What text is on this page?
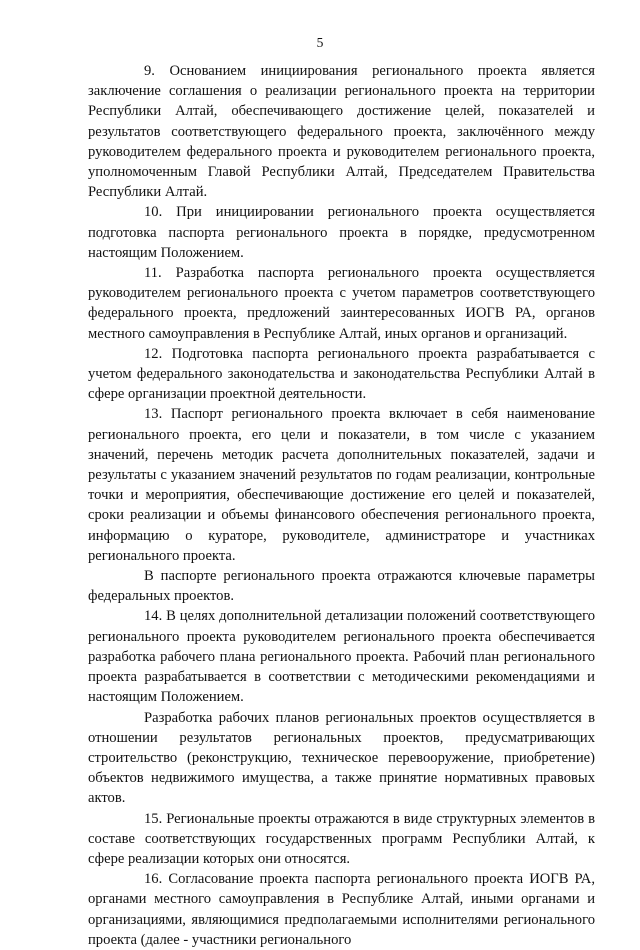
5

9. Основанием инициирования регионального проекта является заключение соглашения о реализации регионального проекта на территории Республики Алтай, обеспечивающего достижение целей, показателей и результатов соответствующего федерального проекта, заключённого между руководителем федерального проекта и руководителем регионального проекта, уполномоченным Главой Республики Алтай, Председателем Правительства Республики Алтай.

10. При инициировании регионального проекта осуществляется подготовка паспорта регионального проекта в порядке, предусмотренном настоящим Положением.

11. Разработка паспорта регионального проекта осуществляется руководителем регионального проекта с учетом параметров соответствующего федерального проекта, предложений заинтересованных ИОГВ РА, органов местного самоуправления в Республике Алтай, иных органов и организаций.

12. Подготовка паспорта регионального проекта разрабатывается с учетом федерального законодательства и законодательства Республики Алтай в сфере организации проектной деятельности.

13. Паспорт регионального проекта включает в себя наименование регионального проекта, его цели и показатели, в том числе с указанием значений, перечень методик расчета дополнительных показателей, задачи и результаты с указанием значений результатов по годам реализации, контрольные точки и мероприятия, обеспечивающие достижение его целей и показателей, сроки реализации и объемы финансового обеспечения регионального проекта, информацию о кураторе, руководителе, администраторе и участниках регионального проекта.

В паспорте регионального проекта отражаются ключевые параметры федеральных проектов.

14. В целях дополнительной детализации положений соответствующего регионального проекта руководителем регионального проекта обеспечивается разработка рабочего плана регионального проекта. Рабочий план регионального проекта разрабатывается в соответствии с методическими рекомендациями и настоящим Положением.

Разработка рабочих планов региональных проектов осуществляется в отношении результатов региональных проектов, предусматривающих строительство (реконструкцию, техническое перевооружение, приобретение) объектов недвижимого имущества, а также принятие нормативных правовых актов.

15. Региональные проекты отражаются в виде структурных элементов в составе соответствующих государственных программ Республики Алтай, к сфере реализации которых они относятся.

16. Согласование проекта паспорта регионального проекта ИОГВ РА, органами местного самоуправления в Республике Алтай, иными органами и организациями, являющимися предполагаемыми исполнителями регионального проекта (далее - участники регионального
